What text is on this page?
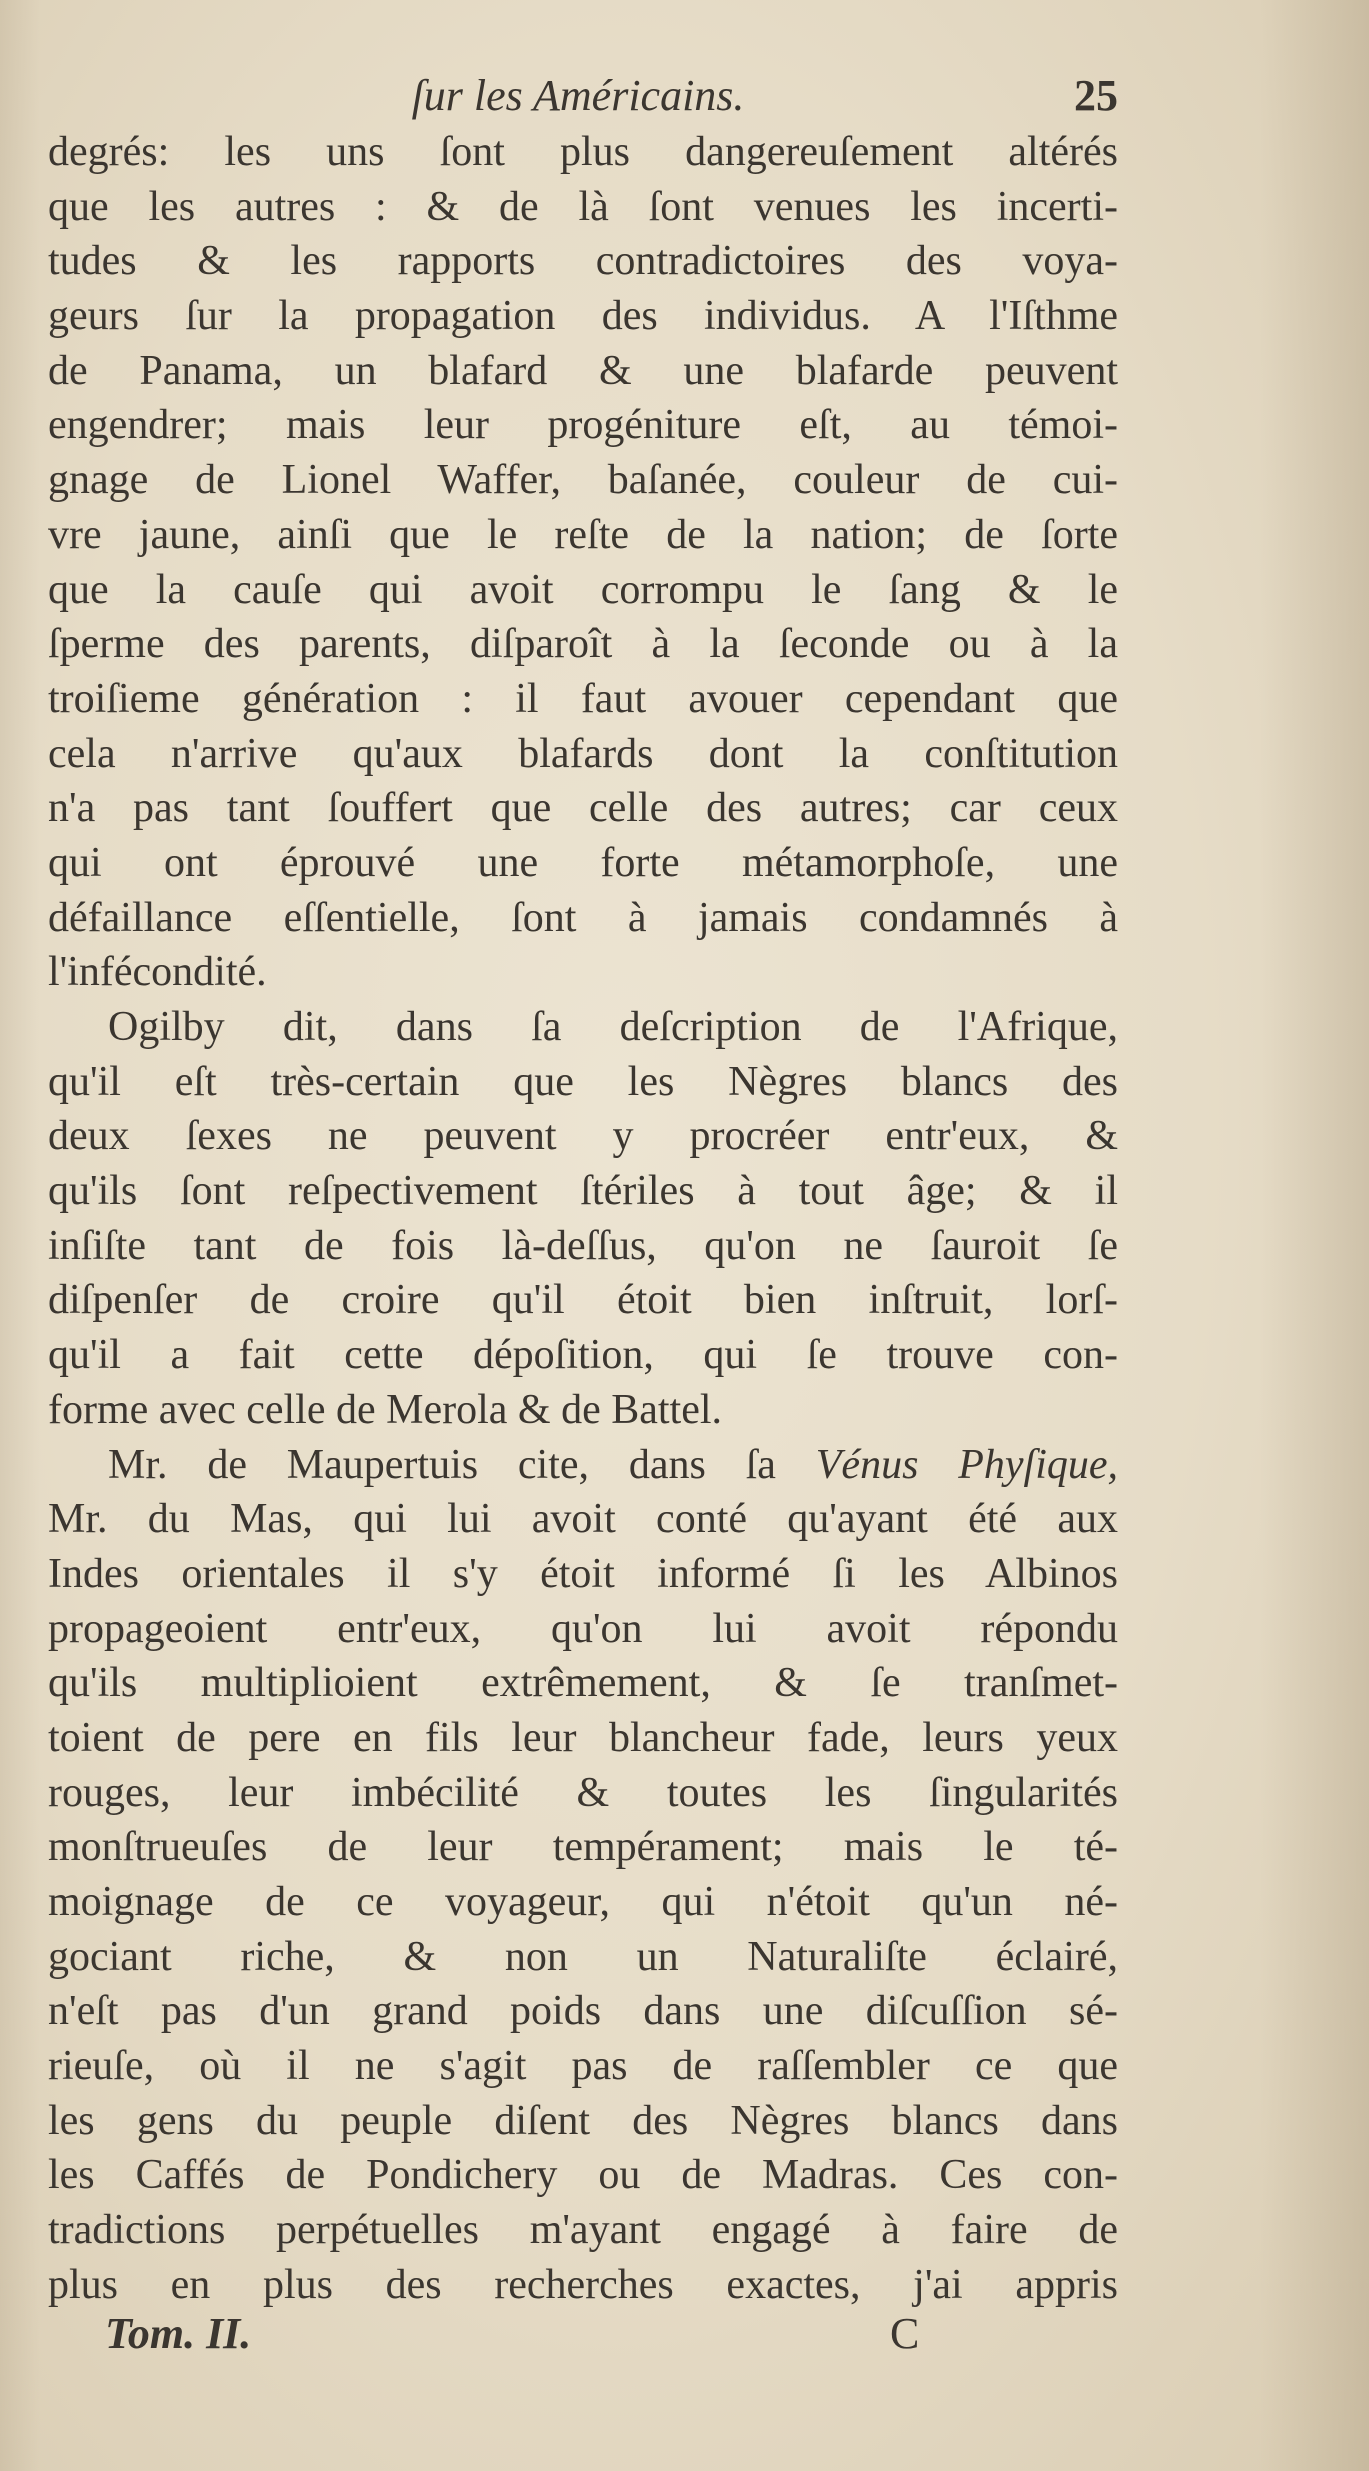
ſur les Américains.	25
degrés: les uns ſont plus dangereuſement altérés
que les autres : & de là ſont venues les incerti-
tudes & les rapports contradictoires des voya-
geurs ſur la propagation des individus. A l'Iſthme
de Panama, un blafard & une blafarde peuvent
engendrer; mais leur progéniture eſt, au témoi-
gnage de Lionel Waffer, baſanée, couleur de cui-
vre jaune, ainſi que le reſte de la nation; de ſorte
que la cauſe qui avoit corrompu le ſang & le
ſperme des parents, diſparoît à la ſeconde ou à la
troiſieme génération : il faut avouer cependant que
cela n'arrive qu'aux blafards dont la conſtitution
n'a pas tant ſouffert que celle des autres; car ceux
qui ont éprouvé une forte métamorphoſe, une
défaillance eſſentielle, ſont à jamais condamnés à
l'infécondité.
Ogilby dit, dans ſa deſcription de l'Afrique,
qu'il eſt très-certain que les Nègres blancs des
deux ſexes ne peuvent y procréer entr'eux, &
qu'ils ſont reſpectivement ſtériles à tout âge; & il
inſiſte tant de fois là-deſſus, qu'on ne ſauroit ſe
diſpenſer de croire qu'il étoit bien inſtruit, lorſ-
qu'il a fait cette dépoſition, qui ſe trouve con-
forme avec celle de Merola & de Battel.
Mr. de Maupertuis cite, dans ſa Vénus Phyſique,
Mr. du Mas, qui lui avoit conté qu'ayant été aux
Indes orientales il s'y étoit informé ſi les Albinos
propageoient entr'eux, qu'on lui avoit répondu
qu'ils multiplioient extrêmement, & ſe tranſmet-
toient de pere en fils leur blancheur fade, leurs yeux
rouges, leur imbécilité & toutes les ſingularités
monſtrueuſes de leur tempérament; mais le té-
moignage de ce voyageur, qui n'étoit qu'un né-
gociant riche, & non un Naturaliſte éclairé,
n'eſt pas d'un grand poids dans une diſcuſſion sé-
rieuſe, où il ne s'agit pas de raſſembler ce que
les gens du peuple diſent des Nègres blancs dans
les Caffés de Pondichery ou de Madras. Ces con-
tradictions perpétuelles m'ayant engagé à faire de
plus en plus des recherches exactes, j'ai appris
Tom. II.	C
